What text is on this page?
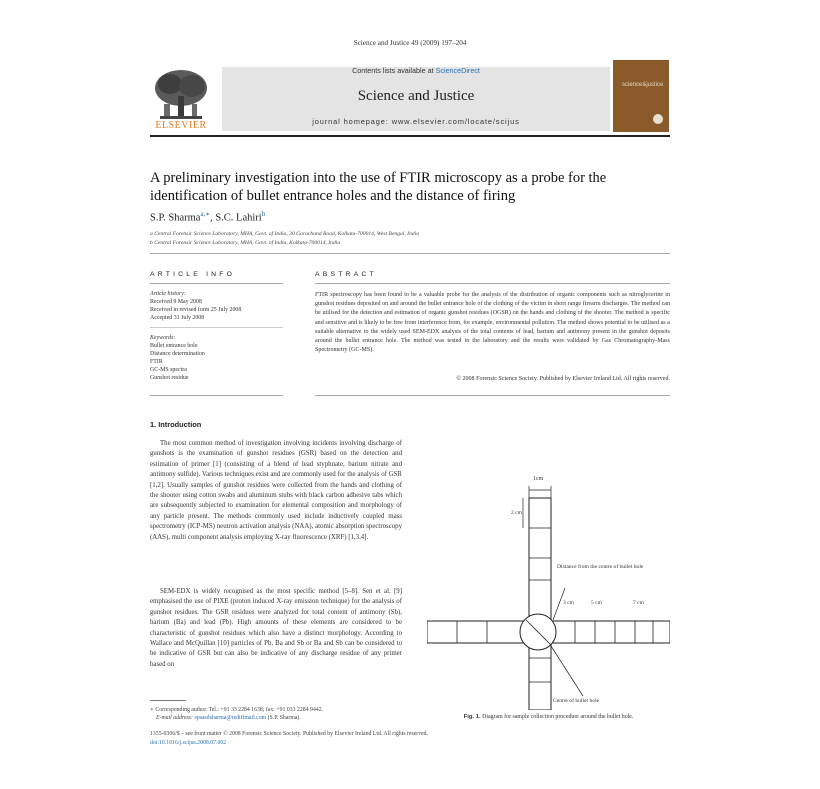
Science and Justice 49 (2009) 197–204
ELSEVIER
Contents lists available at ScienceDirect
Science and Justice
journal homepage: www.elsevier.com/locate/scijus
science&justice
A preliminary investigation into the use of FTIR microscopy as a probe for the identification of bullet entrance holes and the distance of firing
S.P. Sharma$^{a,∗}$, S.C. Lahiri$^b$
a Central Forensic Science Laboratory, MHA, Govt. of India, 30 Gorachand Road, Kolkata-700014, West Bengal, India
b Central Forensic Science Laboratory, MHA, Govt. of India, Kolkata-700014, India
ARTICLE INFO	ABSTRACT
Article history:
Received 9 May 2008
Received in revised form 25 July 2008
Accepted 31 July 2008
Keywords:
Bullet entrance hole
Distance determination
FTIR
GC-MS spectra
Gunshot residue
FTIR spectroscopy has been found to be a valuable probe for the analysis of the distribution of organic components such as nitroglycerine in gunshot residues deposited on and around the bullet entrance hole of the clothing of the victim in short range firearm discharges. The method can be utilised for the detection and estimation of organic gunshot residues (OGSR) on the hands and clothing of the shooter. The method is specific and sensitive and is likely to be free from interference from, for example, environmental pollution. The method shows potential to be utilised as a suitable alternative to the widely used SEM-EDX analysis of the total contents of lead, barium and antimony present in the gunshot deposits around the bullet entrance hole. The method was tested in the laboratory and the results were validated by Gas Chromatography-Mass Spectrometry (GC-MS).
© 2008 Forensic Science Society. Published by Elsevier Ireland Ltd. All rights reserved.
1. Introduction
The most common method of investigation involving incidents involving discharge of gunshots is the examination of gunshot residues (GSR) based on the detection and estimation of primer [1] (consisting of a blend of lead styphnate, barium nitrate and antimony sulfide). Various techniques exist and are commonly used for the analysis of GSR [1,2]. Usually samples of gunshot residues were collected from the hands and clothing of the shooter using cotton swabs and aluminum stubs with black carbon adhesive tabs which are subsequently subjected to examination for elemental composition and morphology of any particle present. The methods commonly used include inductively coupled mass spectrometry (ICP-MS) neutron activation analysis (NAA), atomic absorption spectroscopy (AAS), multi component analysis employing X-ray fluorescence (XRF) [1,3,4].
SEM-EDX is widely recognised as the most specific method [5–8]. Sen et al. [9] emphasised the use of PIXE (proton induced X-ray emission technique) for the analysis of gunshot residues. The GSR residues were analyzed for total content of antimony (Sb), barium (Ba) and lead (Pb). High amounts of these elements are considered to be characteristic of gunshot residues which also have a distinct morphology. According to Wallace and McQuillan [10] particles of Pb, Ba and Sb or Ba and Sb can be considered to be indicative of GSR but can also be indicative of any discharge residue of any primer based on
1cm
2 cm
Distance from the centre of bullet hole
3 cm	5 cm	7 cm
Centre of bullet hole
Fig. 1. Diagram for sample collection procedure around the bullet hole.
∗ Corresponding author. Tel.: +91 33 2284 1638; fax: +91 033 2284 9442.
E-mail address: spsasdsharma@rediffmail.com (S.P. Sharma).
1355-0306/$ – see front matter © 2008 Forensic Science Society. Published by Elsevier Ireland Ltd. All rights reserved.
doi:10.1016/j.scijus.2008.07.002
